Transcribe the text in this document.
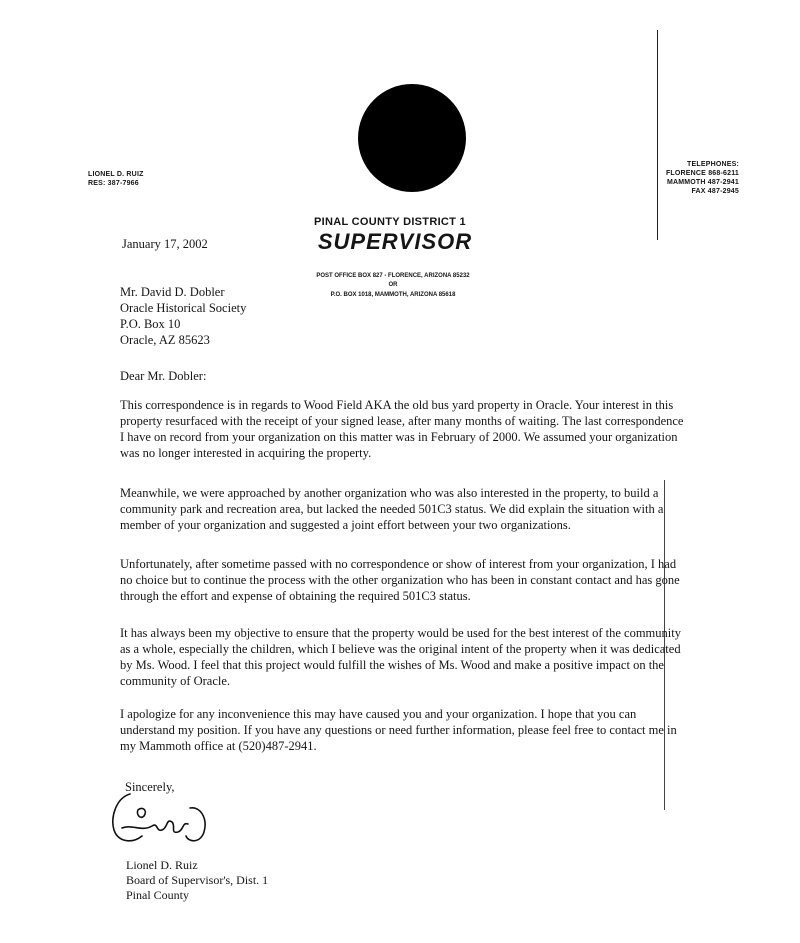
LIONEL D. RUIZ
RES: 387-7966
TELEPHONES:
FLORENCE 868-6211
MAMMOTH 487-2941
FAX 487-2945
PINAL COUNTY DISTRICT 1
SUPERVISOR
POST OFFICE BOX 827 - FLORENCE, ARIZONA 85232
OR
P.O. BOX 1018, MAMMOTH, ARIZONA 85618
January 17, 2002
Mr. David D. Dobler
Oracle Historical Society
P.O. Box 10
Oracle, AZ 85623
Dear Mr. Dobler:
This correspondence is in regards to Wood Field AKA the old bus yard property in Oracle. Your interest in this property resurfaced with the receipt of your signed lease, after many months of waiting. The last correspondence I have on record from your organization on this matter was in February of 2000. We assumed your organization was no longer interested in acquiring the property.
Meanwhile, we were approached by another organization who was also interested in the property, to build a community park and recreation area, but lacked the needed 501C3 status. We did explain the situation with a member of your organization and suggested a joint effort between your two organizations.
Unfortunately, after sometime passed with no correspondence or show of interest from your organization, I had no choice but to continue the process with the other organization who has been in constant contact and has gone through the effort and expense of obtaining the required 501C3 status.
It has always been my objective to ensure that the property would be used for the best interest of the community as a whole, especially the children, which I believe was the original intent of the property when it was dedicated by Ms. Wood. I feel that this project would fulfill the wishes of Ms. Wood and make a positive impact on the community of Oracle.
I apologize for any inconvenience this may have caused you and your organization. I hope that you can understand my position. If you have any questions or need further information, please feel free to contact me in my Mammoth office at (520)487-2941.
Sincerely,
Lionel D. Ruiz
Board of Supervisor's, Dist. 1
Pinal County
